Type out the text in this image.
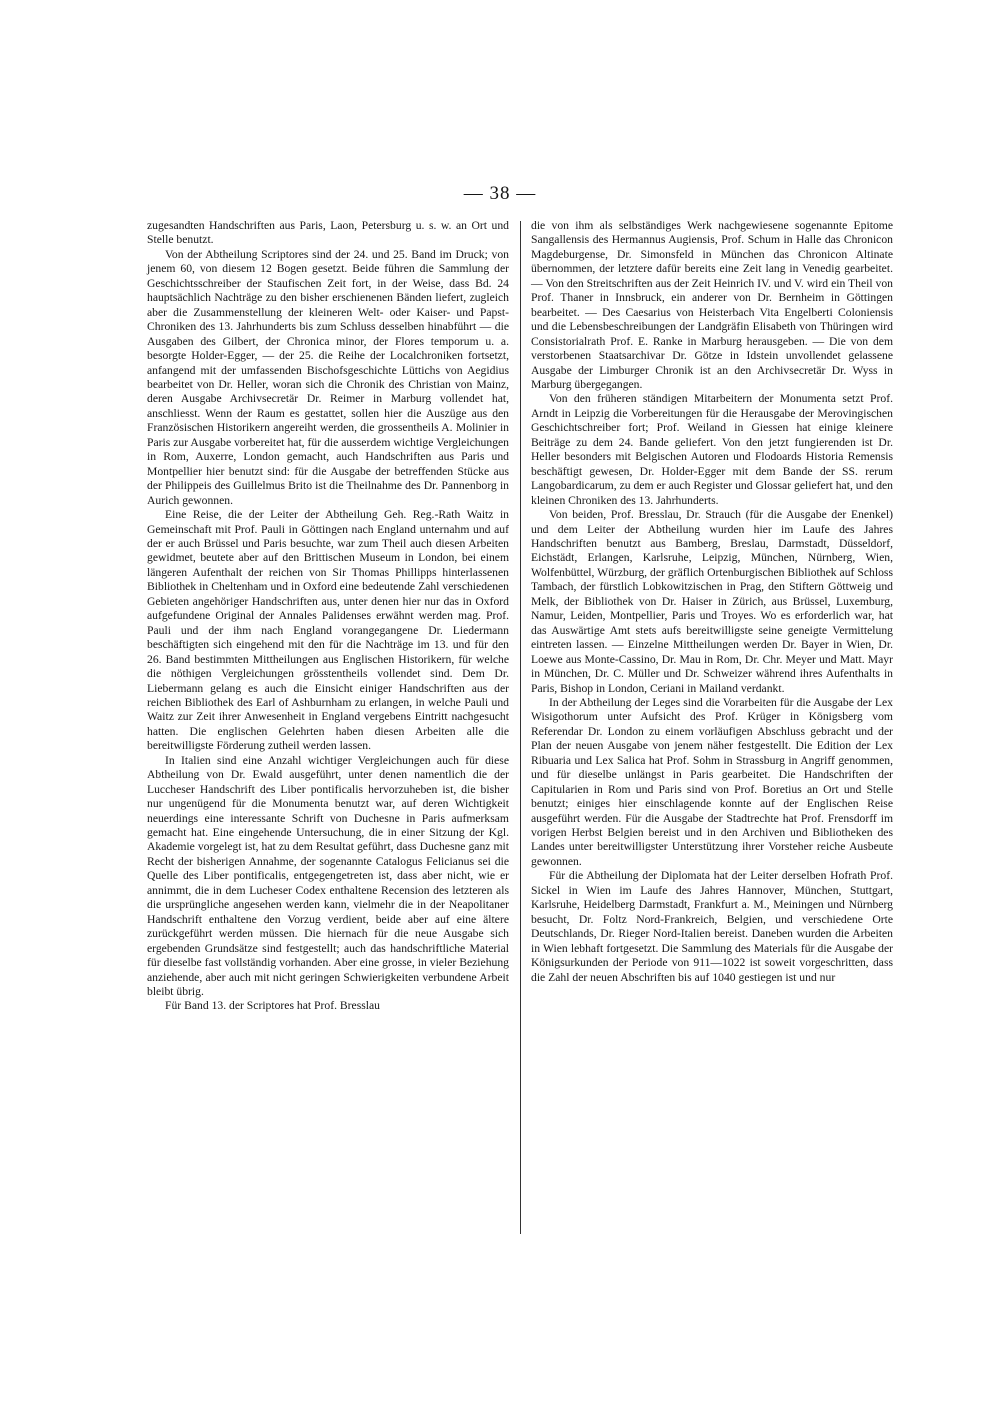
— 38 —

zugesandten Handschriften aus Paris, Laon, Petersburg u. s. w. an Ort und Stelle benutzt.

Von der Abtheilung Scriptores sind der 24. und 25. Band im Druck; von jenem 60, von diesem 12 Bogen gesetzt. Beide führen die Sammlung der Geschichtsschreiber der Staufischen Zeit fort, in der Weise, dass Bd. 24 hauptsächlich Nachträge zu den bisher erschienenen Bänden liefert, zugleich aber die Zusammenstellung der kleineren Welt- oder Kaiser- und Papst-Chroniken des 13. Jahrhunderts bis zum Schluss desselben hinabführt — die Ausgaben des Gilbert, der Chronica minor, der Flores temporum u. a. besorgte Holder-Egger, — der 25. die Reihe der Localchroniken fortsetzt, anfangend mit der umfassenden Bischofsgeschichte Lüttichs von Aegidius bearbeitet von Dr. Heller, woran sich die Chronik des Christian von Mainz, deren Ausgabe Archivsecretär Dr. Reimer in Marburg vollendet hat, anschliesst. Wenn der Raum es gestattet, sollen hier die Auszüge aus den Französischen Historikern angereiht werden, die grossentheils A. Molinier in Paris zur Ausgabe vorbereitet hat, für die ausserdem wichtige Vergleichungen in Rom, Auxerre, London gemacht, auch Handschriften aus Paris und Montpellier hier benutzt sind: für die Ausgabe der betreffenden Stücke aus der Philippeis des Guillelmus Brito ist die Theilnahme des Dr. Pannenborg in Aurich gewonnen.

Eine Reise, die der Leiter der Abtheilung Geh. Reg.-Rath Waitz in Gemeinschaft mit Prof. Pauli in Göttingen nach England unternahm und auf der er auch Brüssel und Paris besuchte, war zum Theil auch diesen Arbeiten gewidmet, beutete aber auf den Brittischen Museum in London, bei einem längeren Aufenthalt der reichen von Sir Thomas Phillipps hinterlassenen Bibliothek in Cheltenham und in Oxford eine bedeutende Zahl verschiedenen Gebieten angehöriger Handschriften aus, unter denen hier nur das in Oxford aufgefundene Original der Annales Palidenses erwähnt werden mag. Prof. Pauli und der ihm nach England vorangegangene Dr. Liedermann beschäftigten sich eingehend mit den für die Nachträge im 13. und für den 26. Band bestimmten Mittheilungen aus Englischen Historikern, für welche die nöthigen Vergleichungen grösstentheils vollendet sind. Dem Dr. Liebermann gelang es auch die Einsicht einiger Handschriften aus der reichen Bibliothek des Earl of Ashburnham zu erlangen, in welche Pauli und Waitz zur Zeit ihrer Anwesenheit in England vergebens Eintritt nachgesucht hatten. Die englischen Gelehrten haben diesen Arbeiten alle die bereitwilligste Förderung zutheil werden lassen.

In Italien sind eine Anzahl wichtiger Vergleichungen auch für diese Abtheilung von Dr. Ewald ausgeführt, unter denen namentlich die der Luccheser Handschrift des Liber pontificalis hervorzuheben ist, die bisher nur ungenügend für die Monumenta benutzt war, auf deren Wichtigkeit neuerdings eine interessante Schrift von Duchesne in Paris aufmerksam gemacht hat. Eine eingehende Untersuchung, die in einer Sitzung der Kgl. Akademie vorgelegt ist, hat zu dem Resultat geführt, dass Duchesne ganz mit Recht der bisherigen Annahme, der sogenannte Catalogus Felicianus sei die Quelle des Liber pontificalis, entgegengetreten ist, dass aber nicht, wie er annimmt, die in dem Lucheser Codex enthaltene Recension des letzteren als die ursprüngliche angesehen werden kann, vielmehr die in der Neapolitaner Handschrift enthaltene den Vorzug verdient, beide aber auf eine ältere zurückgeführt werden müssen. Die hiernach für die neue Ausgabe sich ergebenden Grundsätze sind festgestellt; auch das handschriftliche Material für dieselbe fast vollständig vorhanden. Aber eine grosse, in vieler Beziehung anziehende, aber auch mit nicht geringen Schwierigkeiten verbundene Arbeit bleibt übrig.

Für Band 13. der Scriptores hat Prof. Bresslau

die von ihm als selbständiges Werk nachgewiesene sogenannte Epitome Sangallensis des Hermannus Augiensis, Prof. Schum in Halle das Chronicon Magdeburgense, Dr. Simonsfeld in München das Chronicon Altinate übernommen, der letztere dafür bereits eine Zeit lang in Venedig gearbeitet. — Von den Streitschriften aus der Zeit Heinrich IV. und V. wird ein Theil von Prof. Thaner in Innsbruck, ein anderer von Dr. Bernheim in Göttingen bearbeitet. — Des Caesarius von Heisterbach Vita Engelberti Coloniensis und die Lebensbeschreibungen der Landgräfin Elisabeth von Thüringen wird Consistorialrath Prof. E. Ranke in Marburg herausgeben. — Die von dem verstorbenen Staatsarchivar Dr. Götze in Idstein unvollendet gelassene Ausgabe der Limburger Chronik ist an den Archivsecretär Dr. Wyss in Marburg übergegangen.

Von den früheren ständigen Mitarbeitern der Monumenta setzt Prof. Arndt in Leipzig die Vorbereitungen für die Herausgabe der Merovingischen Geschichtschreiber fort; Prof. Weiland in Giessen hat einige kleinere Beiträge zu dem 24. Bande geliefert. Von den jetzt fungierenden ist Dr. Heller besonders mit Belgischen Autoren und Flodoards Historia Remensis beschäftigt gewesen, Dr. Holder-Egger mit dem Bande der SS. rerum Langobardicarum, zu dem er auch Register und Glossar geliefert hat, und den kleinen Chroniken des 13. Jahrhunderts.

Von beiden, Prof. Bresslau, Dr. Strauch (für die Ausgabe der Enenkel) und dem Leiter der Abtheilung wurden hier im Laufe des Jahres Handschriften benutzt aus Bamberg, Breslau, Darmstadt, Düsseldorf, Eichstädt, Erlangen, Karlsruhe, Leipzig, München, Nürnberg, Wien, Wolfenbüttel, Würzburg, der gräflich Ortenburgischen Bibliothek auf Schloss Tambach, der fürstlich Lobkowitzischen in Prag, den Stiftern Göttweig und Melk, der Bibliothek von Dr. Haiser in Zürich, aus Brüssel, Luxemburg, Namur, Leiden, Montpellier, Paris und Troyes. Wo es erforderlich war, hat das Auswärtige Amt stets aufs bereitwilligste seine geneigte Vermittelung eintreten lassen. — Einzelne Mittheilungen werden Dr. Bayer in Wien, Dr. Loewe aus Monte-Cassino, Dr. Mau in Rom, Dr. Chr. Meyer und Matt. Mayr in München, Dr. C. Müller und Dr. Schweizer während ihres Aufenthalts in Paris, Bishop in London, Ceriani in Mailand verdankt.

In der Abtheilung der Leges sind die Vorarbeiten für die Ausgabe der Lex Wisigothorum unter Aufsicht des Prof. Krüger in Königsberg vom Referendar Dr. London zu einem vorläufigen Abschluss gebracht und der Plan der neuen Ausgabe von jenem näher festgestellt. Die Edition der Lex Ribuaria und Lex Salica hat Prof. Sohm in Strassburg in Angriff genommen, und für dieselbe unlängst in Paris gearbeitet. Die Handschriften der Capitularien in Rom und Paris sind von Prof. Boretius an Ort und Stelle benutzt; einiges hier einschlagende konnte auf der Englischen Reise ausgeführt werden. Für die Ausgabe der Stadtrechte hat Prof. Frensdorff im vorigen Herbst Belgien bereist und in den Archiven und Bibliotheken des Landes unter bereitwilligster Unterstützung ihrer Vorsteher reiche Ausbeute gewonnen.

Für die Abtheilung der Diplomata hat der Leiter derselben Hofrath Prof. Sickel in Wien im Laufe des Jahres Hannover, München, Stuttgart, Karlsruhe, Heidelberg Darmstadt, Frankfurt a. M., Meiningen und Nürnberg besucht, Dr. Foltz Nord-Frankreich, Belgien, und verschiedene Orte Deutschlands, Dr. Rieger Nord-Italien bereist. Daneben wurden die Arbeiten in Wien lebhaft fortgesetzt. Die Sammlung des Materials für die Ausgabe der Königsurkunden der Periode von 911—1022 ist soweit vorgeschritten, dass die Zahl der neuen Abschriften bis auf 1040 gestiegen ist und nur
